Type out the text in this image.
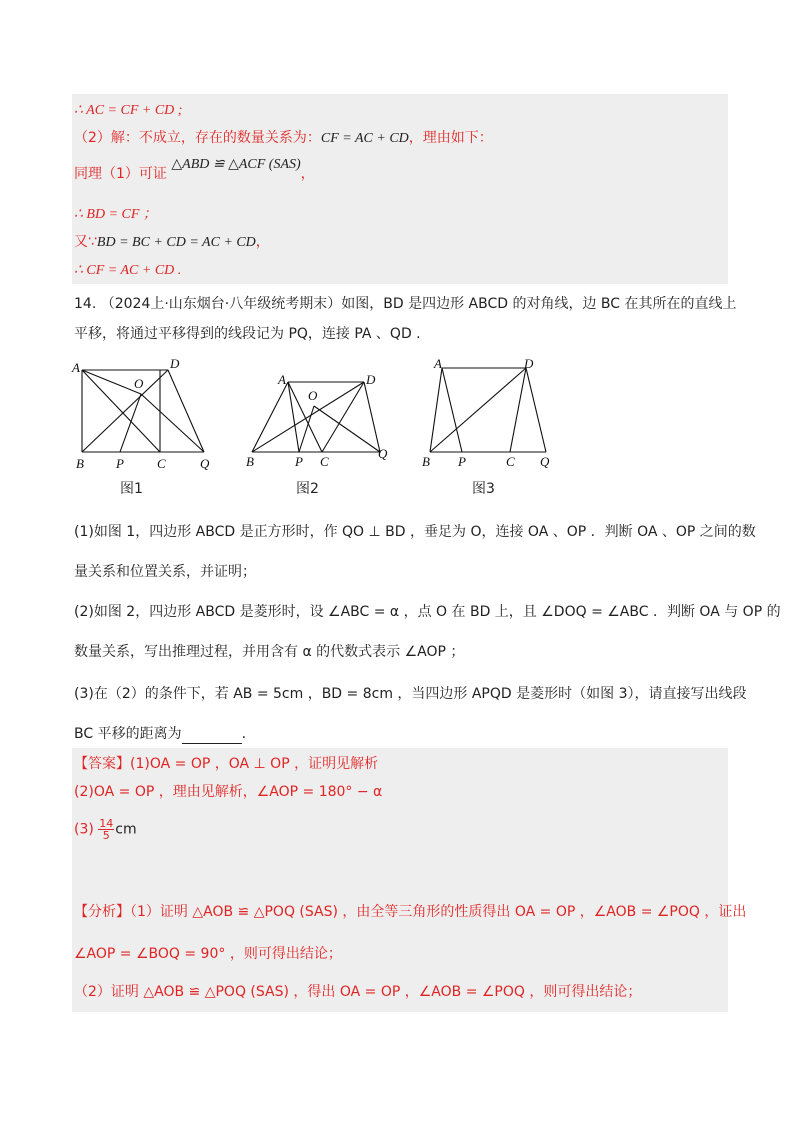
∴ AC = CF + CD ;
（2）解：不成立，存在的数量关系为：CF = AC + CD，理由如下：
同理（1）可证 △ABD ≌ △ACF (SAS)，
∴ BD = CF ；
又∵BD = BC + CD = AC + CD，
∴ CF = AC + CD .
14. （2024上·山东烟台·八年级统考期末）如图，BD 是四边形 ABCD 的对角线，边 BC 在其所在的直线上
平移，将通过平移得到的线段记为 PQ，连接 PA 、QD .
A	D
O
B P	C	Q
图1
A	D
O
B	P C
Q
图2
A	D
B P	C Q
图3
(1)如图 1，四边形 ABCD 是正方形时，作 QO ⊥ BD ，垂足为 O，连接 OA 、OP ．判断 OA 、OP 之间的数
量关系和位置关系，并证明；
(2)如图 2，四边形 ABCD 是菱形时，设 ∠ABC = α ，点 O 在 BD 上，且 ∠DOQ = ∠ABC ．判断 OA 与 OP 的
数量关系，写出推理过程，并用含有 α 的代数式表示 ∠AOP ；
(3)在（2）的条件下，若 AB = 5cm ，BD = 8cm ，当四边形 APQD 是菱形时（如图 3），请直接写出线段
BC 平移的距离为	.
【答案】(1)OA = OP ，OA ⊥ OP ，证明见解析
(2)OA = OP ，理由见解析，∠AOP = 180° − α
$(3) \frac{14}{5}$ cm
【分析】（1）证明 △AOB ≌ △POQ (SAS) ，由全等三角形的性质得出 OA = OP ，∠AOB = ∠POQ ，证出
∠AOP = ∠BOQ = 90° ，则可得出结论；
（2）证明 △AOB ≌ △POQ (SAS) ，得出 OA = OP ，∠AOB = ∠POQ ，则可得出结论；
